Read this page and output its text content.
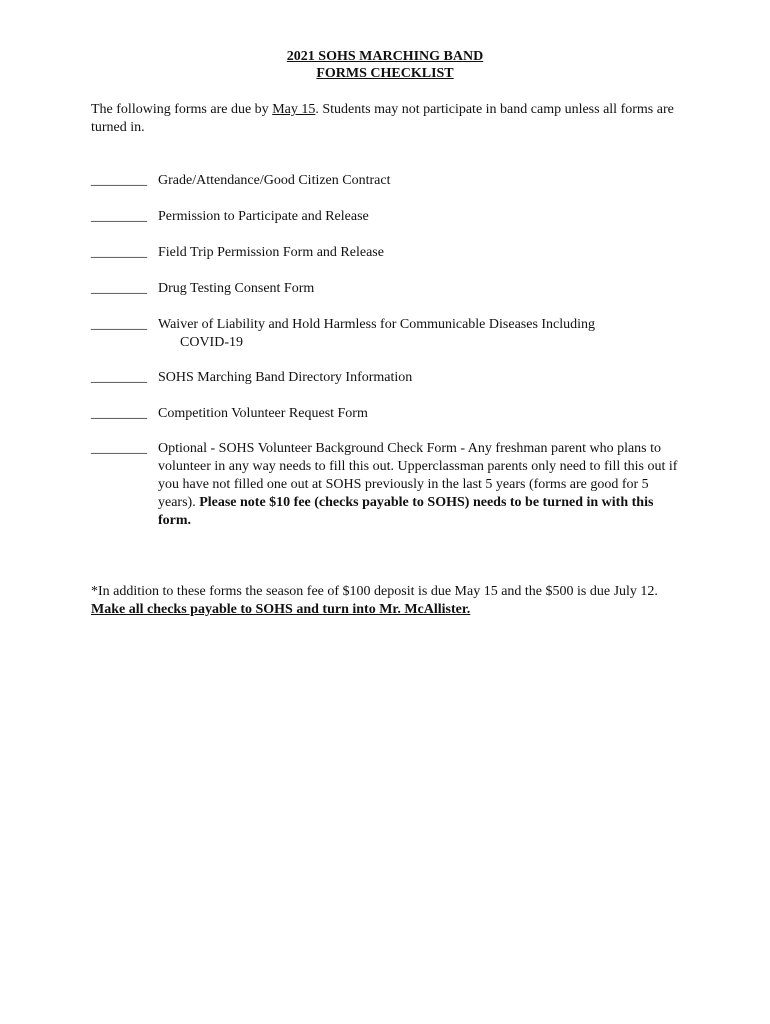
2021 SOHS MARCHING BAND
FORMS CHECKLIST
The following forms are due by May 15. Students may not participate in band camp unless all forms are turned in.
________ Grade/Attendance/Good Citizen Contract
________ Permission to Participate and Release
________ Field Trip Permission Form and Release
________ Drug Testing Consent Form
________ Waiver of Liability and Hold Harmless for Communicable Diseases Including
COVID-19
________ SOHS Marching Band Directory Information
________ Competition Volunteer Request Form
________ Optional - SOHS Volunteer Background Check Form - Any freshman parent who plans to volunteer in any way needs to fill this out. Upperclassman parents only need to fill this out if you have not filled one out at SOHS previously in the last 5 years (forms are good for 5 years). Please note $10 fee (checks payable to SOHS) needs to be turned in with this form.
*In addition to these forms the season fee of $100 deposit is due May 15 and the $500 is due July 12. Make all checks payable to SOHS and turn into Mr. McAllister.
